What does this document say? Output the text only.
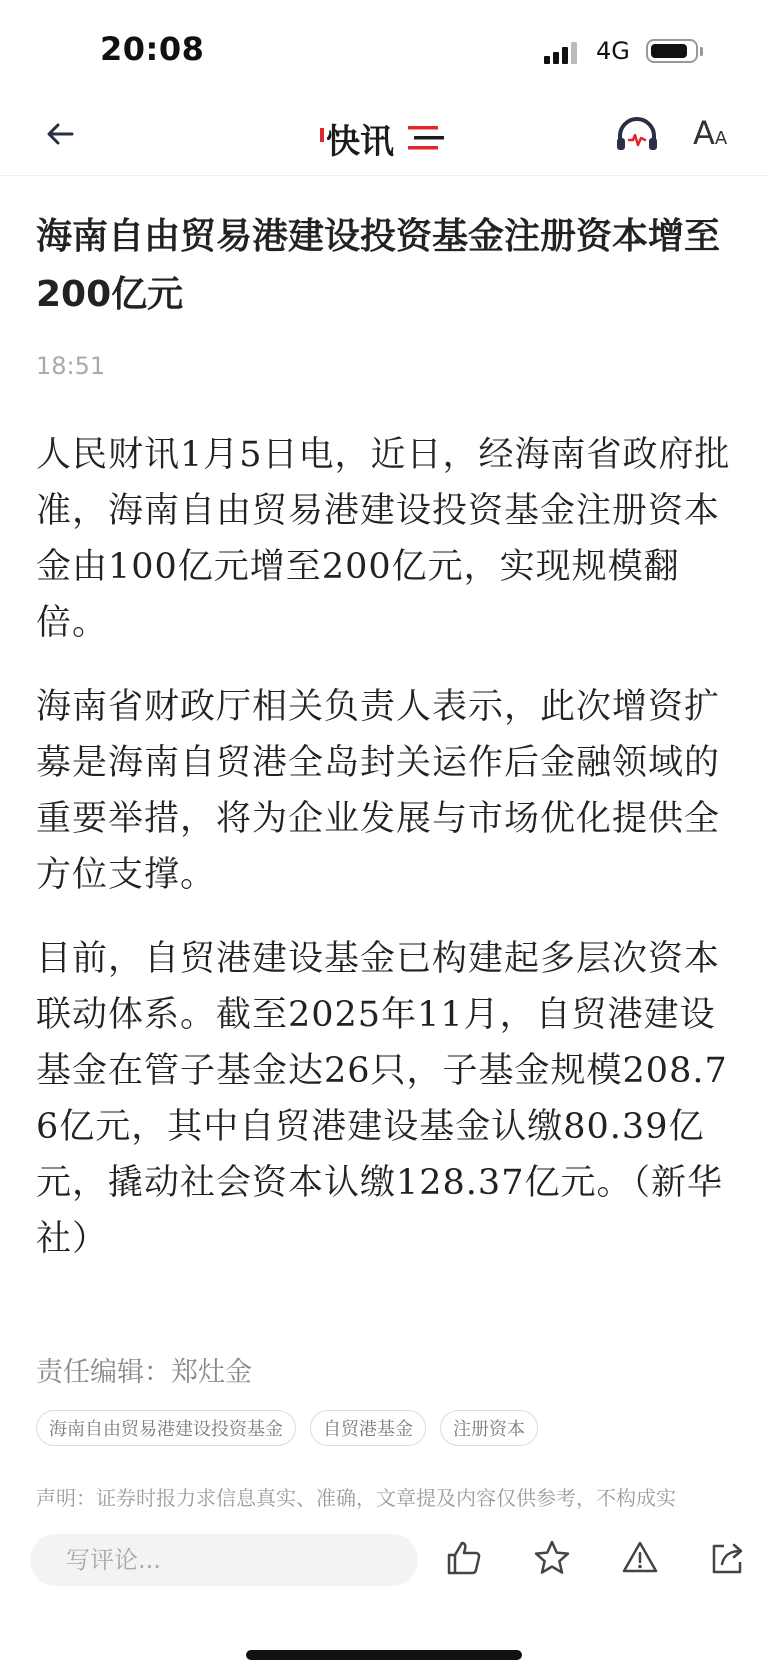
20:08	4G
快讯	AA
海南自由贸易港建设投资基金注册资本增至200亿元
18:51

人民财讯1月5日电，近日，经海南省政府批准，海南自由贸易港建设投资基金注册资本金由100亿元增至200亿元，实现规模翻倍。

海南省财政厅相关负责人表示，此次增资扩募是海南自贸港全岛封关运作后金融领域的重要举措，将为企业发展与市场优化提供全方位支撑。

目前，自贸港建设基金已构建起多层次资本联动体系。截至2025年11月，自贸港建设基金在管子基金达26只，子基金规模208.76亿元，其中自贸港建设基金认缴80.39亿元，撬动社会资本认缴128.37亿元。（新华社）

责任编辑：郑灶金
海南自由贸易港建设投资基金	自贸港基金	注册资本
声明：证券时报力求信息真实、准确，文章提及内容仅供参考，不构成实
写评论...
